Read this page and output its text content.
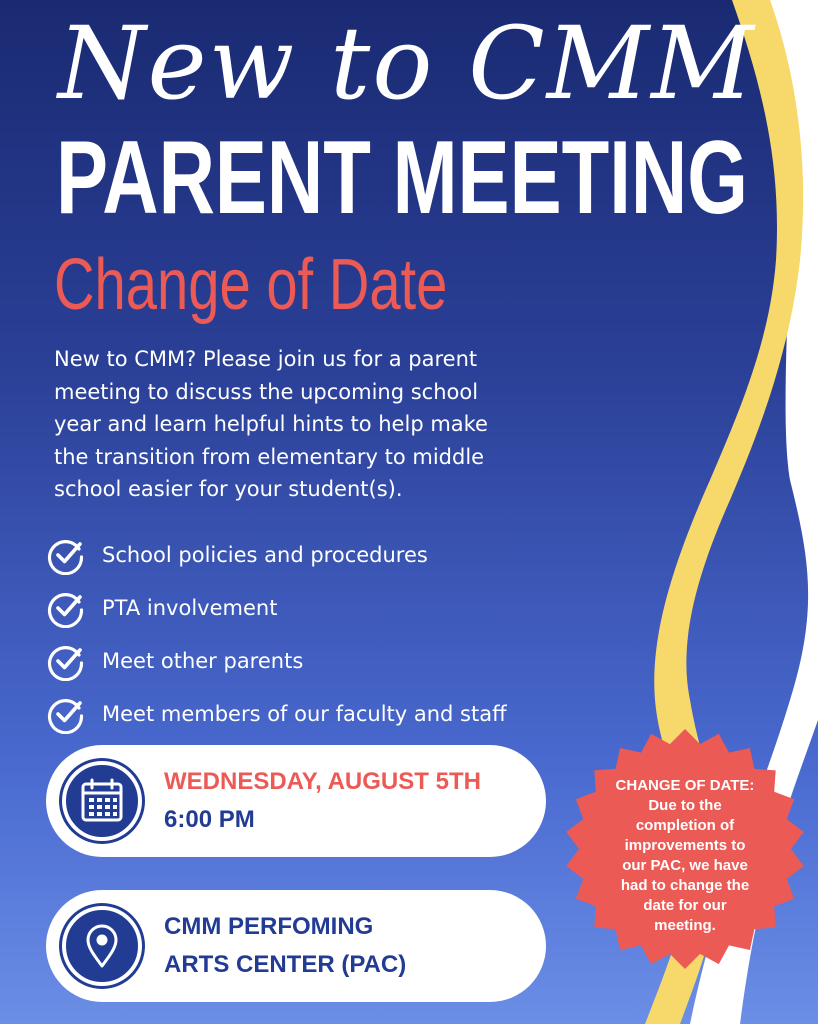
New to CMM
PARENT MEETING
Change of Date
New to CMM? Please join us for a parent
meeting to discuss the upcoming school
year and learn helpful hints to help make
the transition from elementary to middle
school easier for your student(s).
School policies and procedures
PTA involvement
Meet other parents
Meet members of our faculty and staff
WEDNESDAY, AUGUST 5TH
6:00 PM
CMM PERFOMING
ARTS CENTER (PAC)
CHANGE OF DATE:
Due to the
completion of
improvements to
our PAC, we have
had to change the
date for our
meeting.
